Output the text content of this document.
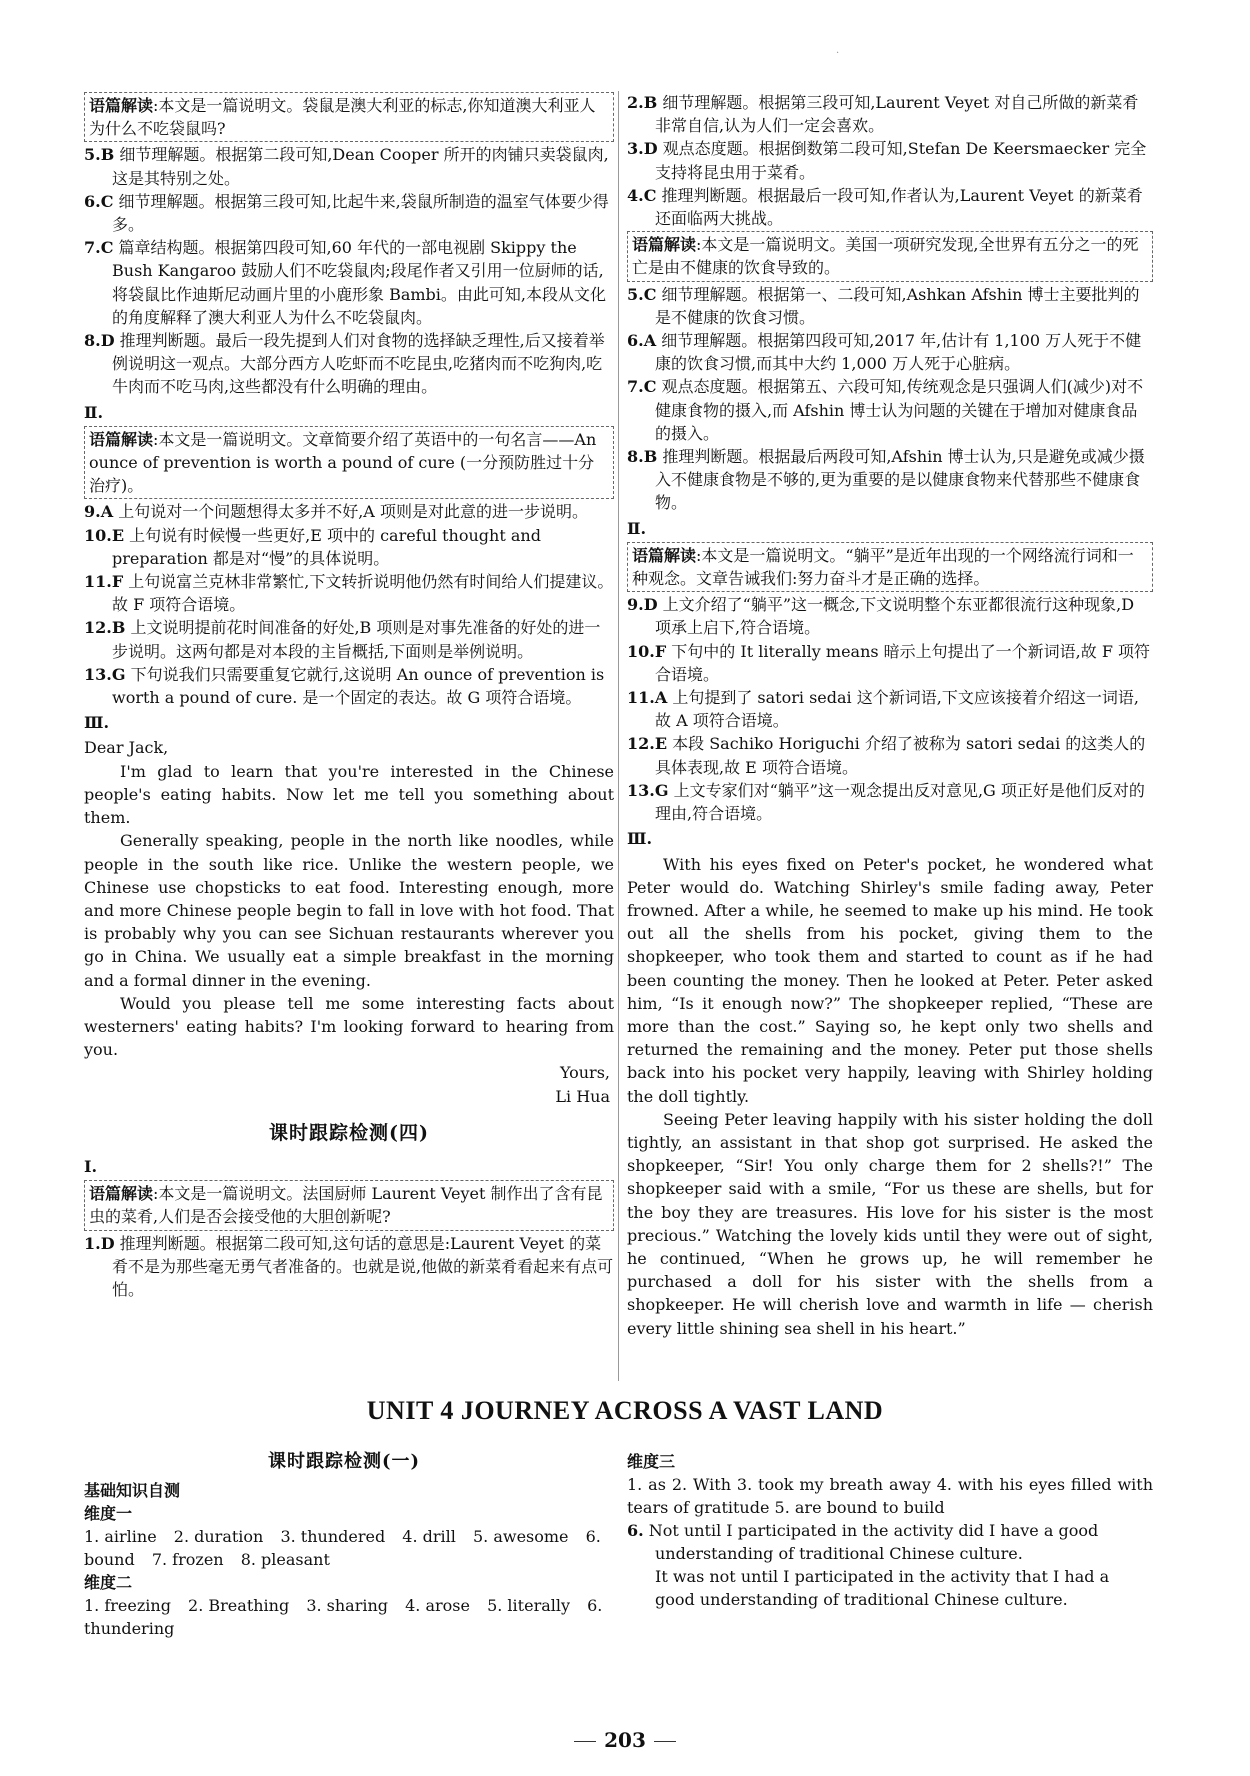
·
语篇解读:本文是一篇说明文。袋鼠是澳大利亚的标志,你知道澳大利亚人为什么不吃袋鼠吗?
5.B 细节理解题。根据第二段可知,Dean Cooper 所开的肉铺只卖袋鼠肉,这是其特别之处。
6.C 细节理解题。根据第三段可知,比起牛来,袋鼠所制造的温室气体要少得多。
7.C 篇章结构题。根据第四段可知,60 年代的一部电视剧 Skippy the Bush Kangaroo 鼓励人们不吃袋鼠肉;段尾作者又引用一位厨师的话,将袋鼠比作迪斯尼动画片里的小鹿形象 Bambi。由此可知,本段从文化的角度解释了澳大利亚人为什么不吃袋鼠肉。
8.D 推理判断题。最后一段先提到人们对食物的选择缺乏理性,后又接着举例说明这一观点。大部分西方人吃虾而不吃昆虫,吃猪肉而不吃狗肉,吃牛肉而不吃马肉,这些都没有什么明确的理由。
Ⅱ.
语篇解读:本文是一篇说明文。文章简要介绍了英语中的一句名言——An ounce of prevention is worth a pound of cure (一分预防胜过十分治疗)。
9.A 上句说对一个问题想得太多并不好,A 项则是对此意的进一步说明。
10.E 上句说有时候慢一些更好,E 项中的 careful thought and preparation 都是对“慢”的具体说明。
11.F 上句说富兰克林非常繁忙,下文转折说明他仍然有时间给人们提建议。故 F 项符合语境。
12.B 上文说明提前花时间准备的好处,B 项则是对事先准备的好处的进一步说明。这两句都是对本段的主旨概括,下面则是举例说明。
13.G 下句说我们只需要重复它就行,这说明 An ounce of prevention is worth a pound of cure. 是一个固定的表达。故 G 项符合语境。
Ⅲ.
Dear Jack,
I'm glad to learn that you're interested in the Chinese people's eating habits. Now let me tell you something about them.
Generally speaking, people in the north like noodles, while people in the south like rice. Unlike the western people, we Chinese use chopsticks to eat food. Interesting enough, more and more Chinese people begin to fall in love with hot food. That is probably why you can see Sichuan restaurants wherever you go in China. We usually eat a simple breakfast in the morning and a formal dinner in the evening.
Would you please tell me some interesting facts about westerners' eating habits? I'm looking forward to hearing from you.
Yours,
Li Hua
课时跟踪检测(四)
Ⅰ.
语篇解读:本文是一篇说明文。法国厨师 Laurent Veyet 制作出了含有昆虫的菜肴,人们是否会接受他的大胆创新呢?
1.D 推理判断题。根据第二段可知,这句话的意思是:Laurent Veyet 的菜肴不是为那些毫无勇气者准备的。也就是说,他做的新菜肴看起来有点可怕。
2.B 细节理解题。根据第三段可知,Laurent Veyet 对自己所做的新菜肴非常自信,认为人们一定会喜欢。
3.D 观点态度题。根据倒数第二段可知,Stefan De Keersmaecker 完全支持将昆虫用于菜肴。
4.C 推理判断题。根据最后一段可知,作者认为,Laurent Veyet 的新菜肴还面临两大挑战。
语篇解读:本文是一篇说明文。美国一项研究发现,全世界有五分之一的死亡是由不健康的饮食导致的。
5.C 细节理解题。根据第一、二段可知,Ashkan Afshin 博士主要批判的是不健康的饮食习惯。
6.A 细节理解题。根据第四段可知,2017 年,估计有 1,100 万人死于不健康的饮食习惯,而其中大约 1,000 万人死于心脏病。
7.C 观点态度题。根据第五、六段可知,传统观念是只强调人们(减少)对不健康食物的摄入,而 Afshin 博士认为问题的关键在于增加对健康食品的摄入。
8.B 推理判断题。根据最后两段可知,Afshin 博士认为,只是避免或减少摄入不健康食物是不够的,更为重要的是以健康食物来代替那些不健康食物。
Ⅱ.
语篇解读:本文是一篇说明文。“躺平”是近年出现的一个网络流行词和一种观念。文章告诫我们:努力奋斗才是正确的选择。
9.D 上文介绍了“躺平”这一概念,下文说明整个东亚都很流行这种现象,D 项承上启下,符合语境。
10.F 下句中的 It literally means 暗示上句提出了一个新词语,故 F 项符合语境。
11.A 上句提到了 satori sedai 这个新词语,下文应该接着介绍这一词语,故 A 项符合语境。
12.E 本段 Sachiko Horiguchi 介绍了被称为 satori sedai 的这类人的具体表现,故 E 项符合语境。
13.G 上文专家们对“躺平”这一观念提出反对意见,G 项正好是他们反对的理由,符合语境。
Ⅲ.
With his eyes fixed on Peter's pocket, he wondered what Peter would do. Watching Shirley's smile fading away, Peter frowned. After a while, he seemed to make up his mind. He took out all the shells from his pocket, giving them to the shopkeeper, who took them and started to count as if he had been counting the money. Then he looked at Peter. Peter asked him, “Is it enough now?” The shopkeeper replied, “These are more than the cost.” Saying so, he kept only two shells and returned the remaining and the money. Peter put those shells back into his pocket very happily, leaving with Shirley holding the doll tightly.
Seeing Peter leaving happily with his sister holding the doll tightly, an assistant in that shop got surprised. He asked the shopkeeper, “Sir! You only charge them for 2 shells?!” The shopkeeper said with a smile, “For us these are shells, but for the boy they are treasures. His love for his sister is the most precious.” Watching the lovely kids until they were out of sight, he continued, “When he grows up, he will remember he purchased a doll for his sister with the shells from a shopkeeper. He will cherish love and warmth in life — cherish every little shining sea shell in his heart.”
UNIT 4 JOURNEY ACROSS A VAST LAND
课时跟踪检测(一)
基础知识自测
维度一
1. airline 2. duration 3. thundered 4. drill 5. awesome 6. bound 7. frozen 8. pleasant
维度二
1. freezing 2. Breathing 3. sharing 4. arose 5. literally 6. thundering
维度三
1. as 2. With 3. took my breath away 4. with his eyes filled with tears of gratitude 5. are bound to build
6. Not until I participated in the activity did I have a good understanding of traditional Chinese culture.
It was not until I participated in the activity that I had a good understanding of traditional Chinese culture.
203
